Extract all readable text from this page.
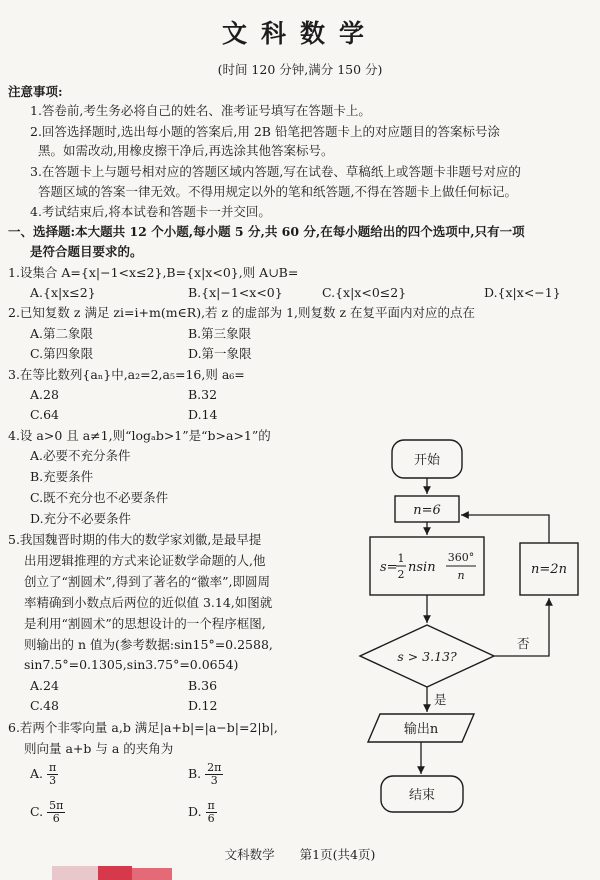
文科数学
(时间 120 分钟,满分 150 分)
注意事项:
1.答卷前,考生务必将自己的姓名、准考证号填写在答题卡上。
2.回答选择题时,选出每小题的答案后,用 2B 铅笔把答题卡上的对应题目的答案标号涂
黑。如需改动,用橡皮擦干净后,再选涂其他答案标号。
3.在答题卡上与题号相对应的答题区域内答题,写在试卷、草稿纸上或答题卡非题号对应的
答题区域的答案一律无效。不得用规定以外的笔和纸答题,不得在答题卡上做任何标记。
4.考试结束后,将本试卷和答题卡一并交回。
一、选择题:本大题共 12 个小题,每小题 5 分,共 60 分,在每小题给出的四个选项中,只有一项
是符合题目要求的。
1.设集合 A={x|−1<x≤2},B={x|x<0},则 A∪B=
A.{x|x≤2}	B.{x|−1<x<0}	C.{x|x<0≤2}	D.{x|x<−1}
2.已知复数 z 满足 zi=i+m(m∈R),若 z 的虚部为 1,则复数 z 在复平面内对应的点在
A.第二象限	B.第三象限
C.第四象限	D.第一象限
3.在等比数列{aₙ}中,a₂=2,a₅=16,则 a₆=
A.28	B.32
C.64	D.14
4.设 a>0 且 a≠1,则“logₐb>1”是“b>a>1”的
A.必要不充分条件
B.充要条件
C.既不充分也不必要条件
D.充分不必要条件
5.我国魏晋时期的伟大的数学家刘徽,是最早提
出用逻辑推理的方式来论证数学命题的人,他
创立了“割圆术”,得到了著名的“徽率”,即圆周
率精确到小数点后两位的近似值 3.14,如图就
是利用“割圆术”的思想设计的一个程序框图,
则输出的 n 值为(参考数据:sin15°=0.2588,
sin7.5°=0.1305,sin3.75°=0.0654)
A.24	B.36
C.48	D.12
6.若两个非零向量 a,b 满足|a+b|=|a−b|=2|b|,
则向量 a+b 与 a 的夹角为
A. $\frac{\pi}{3}$	B. $\frac{2\pi}{3}$
C. $\frac{5\pi}{6}$	D. $\frac{\pi}{6}$
开始
n=6
s=
1
2 nsin
360°
n
s > 3.13?
否
n=2n
是
输出n
结束
文科数学　　第1页(共4页)
